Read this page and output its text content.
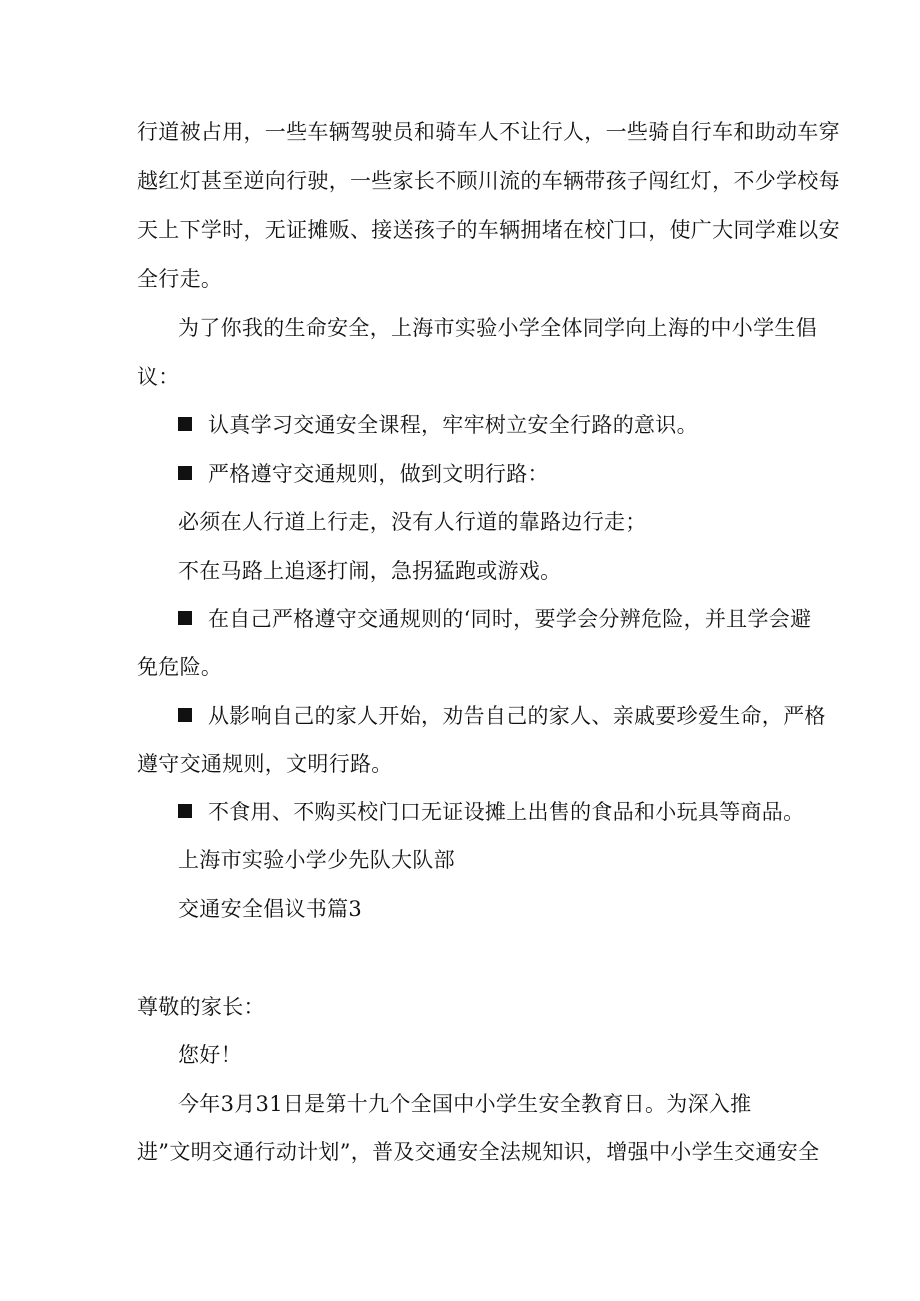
行道被占用，一些车辆驾驶员和骑车人不让行人，一些骑自行车和助动车穿
越红灯甚至逆向行驶，一些家长不顾川流的车辆带孩子闯红灯，不少学校每
天上下学时，无证摊贩、接送孩子的车辆拥堵在校门口，使广大同学难以安
全行走。
为了你我的生命安全，上海市实验小学全体同学向上海的中小学生倡
议：
认真学习交通安全课程，牢牢树立安全行路的意识。
严格遵守交通规则，做到文明行路：
必须在人行道上行走，没有人行道的靠路边行走；
不在马路上追逐打闹，急拐猛跑或游戏。
在自己严格遵守交通规则的‘同时，要学会分辨危险，并且学会避
免危险。
从影响自己的家人开始，劝告自己的家人、亲戚要珍爱生命，严格
遵守交通规则，文明行路。
不食用、不购买校门口无证设摊上出售的食品和小玩具等商品。
上海市实验小学少先队大队部
交通安全倡议书篇3
尊敬的家长：
您好！
今年3月31日是第十九个全国中小学生安全教育日。为深入推
进”文明交通行动计划”，普及交通安全法规知识，增强中小学生交通安全
